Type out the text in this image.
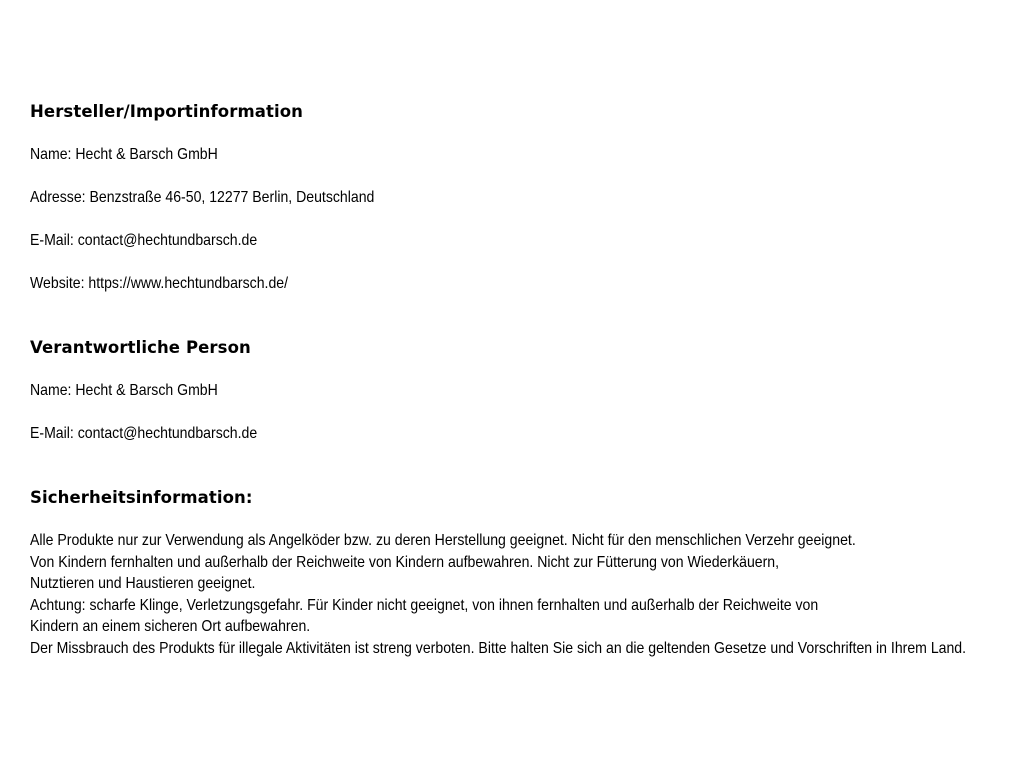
Hersteller/Importinformation

Name: Hecht & Barsch GmbH

Adresse: Benzstraße 46-50, 12277 Berlin, Deutschland

E-Mail: contact@hechtundbarsch.de

Website: https://www.hechtundbarsch.de/

Verantwortliche Person

Name: Hecht & Barsch GmbH

E-Mail: contact@hechtundbarsch.de

Sicherheitsinformation:

Alle Produkte nur zur Verwendung als Angelköder bzw. zu deren Herstellung geeignet. Nicht für den menschlichen Verzehr geeignet.

Von Kindern fernhalten und außerhalb der Reichweite von Kindern aufbewahren. Nicht zur Fütterung von Wiederkäuern,

Nutztieren und Haustieren geeignet.

Achtung: scharfe Klinge, Verletzungsgefahr. Für Kinder nicht geeignet, von ihnen fernhalten und außerhalb der Reichweite von

Kindern an einem sicheren Ort aufbewahren.

Der Missbrauch des Produkts für illegale Aktivitäten ist streng verboten. Bitte halten Sie sich an die geltenden Gesetze und Vorschriften in Ihrem Land.
